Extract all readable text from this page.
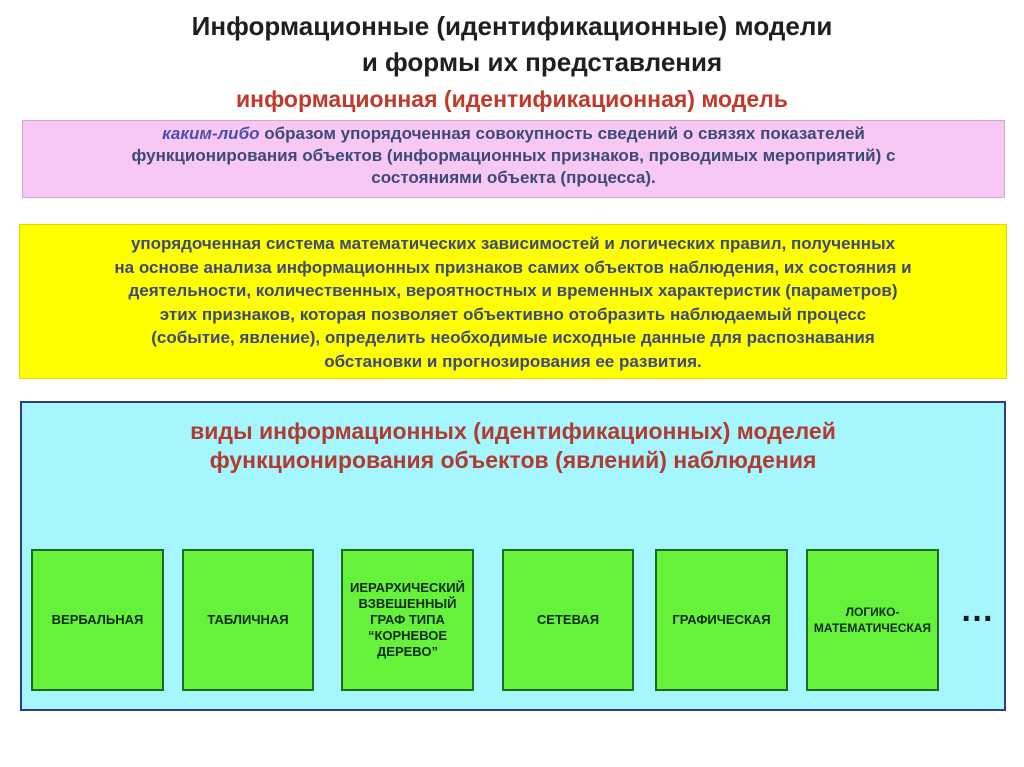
Информационные (идентификационные) модели
и формы их представления
информационная (идентификационная) модель
каким-либо образом упорядоченная совокупность сведений о связях показателей
функционирования объектов (информационных признаков, проводимых мероприятий) с
состояниями объекта (процесса).
упорядоченная система математических зависимостей и логических правил, полученных
на основе анализа информационных признаков самих объектов наблюдения, их состояния и
деятельности, количественных, вероятностных и временных характеристик (параметров)
этих признаков, которая позволяет объективно отобразить наблюдаемый процесс
(событие, явление), определить необходимые исходные данные для распознавания
обстановки и прогнозирования ее развития.
виды информационных (идентификационных) моделей
функционирования объектов (явлений) наблюдения
ВЕРБАЛЬНАЯ	ТАБЛИЧНАЯ
ИЕРАРХИЧЕСКИЙ ВЗВЕШЕННЫЙ ГРАФ ТИПА “КОРНЕВОЕ ДЕРЕВО”
СЕТЕВАЯ	ГРАФИЧЕСКАЯ	ЛОГИКО-МАТЕМАТИЧЕСКАЯ …
